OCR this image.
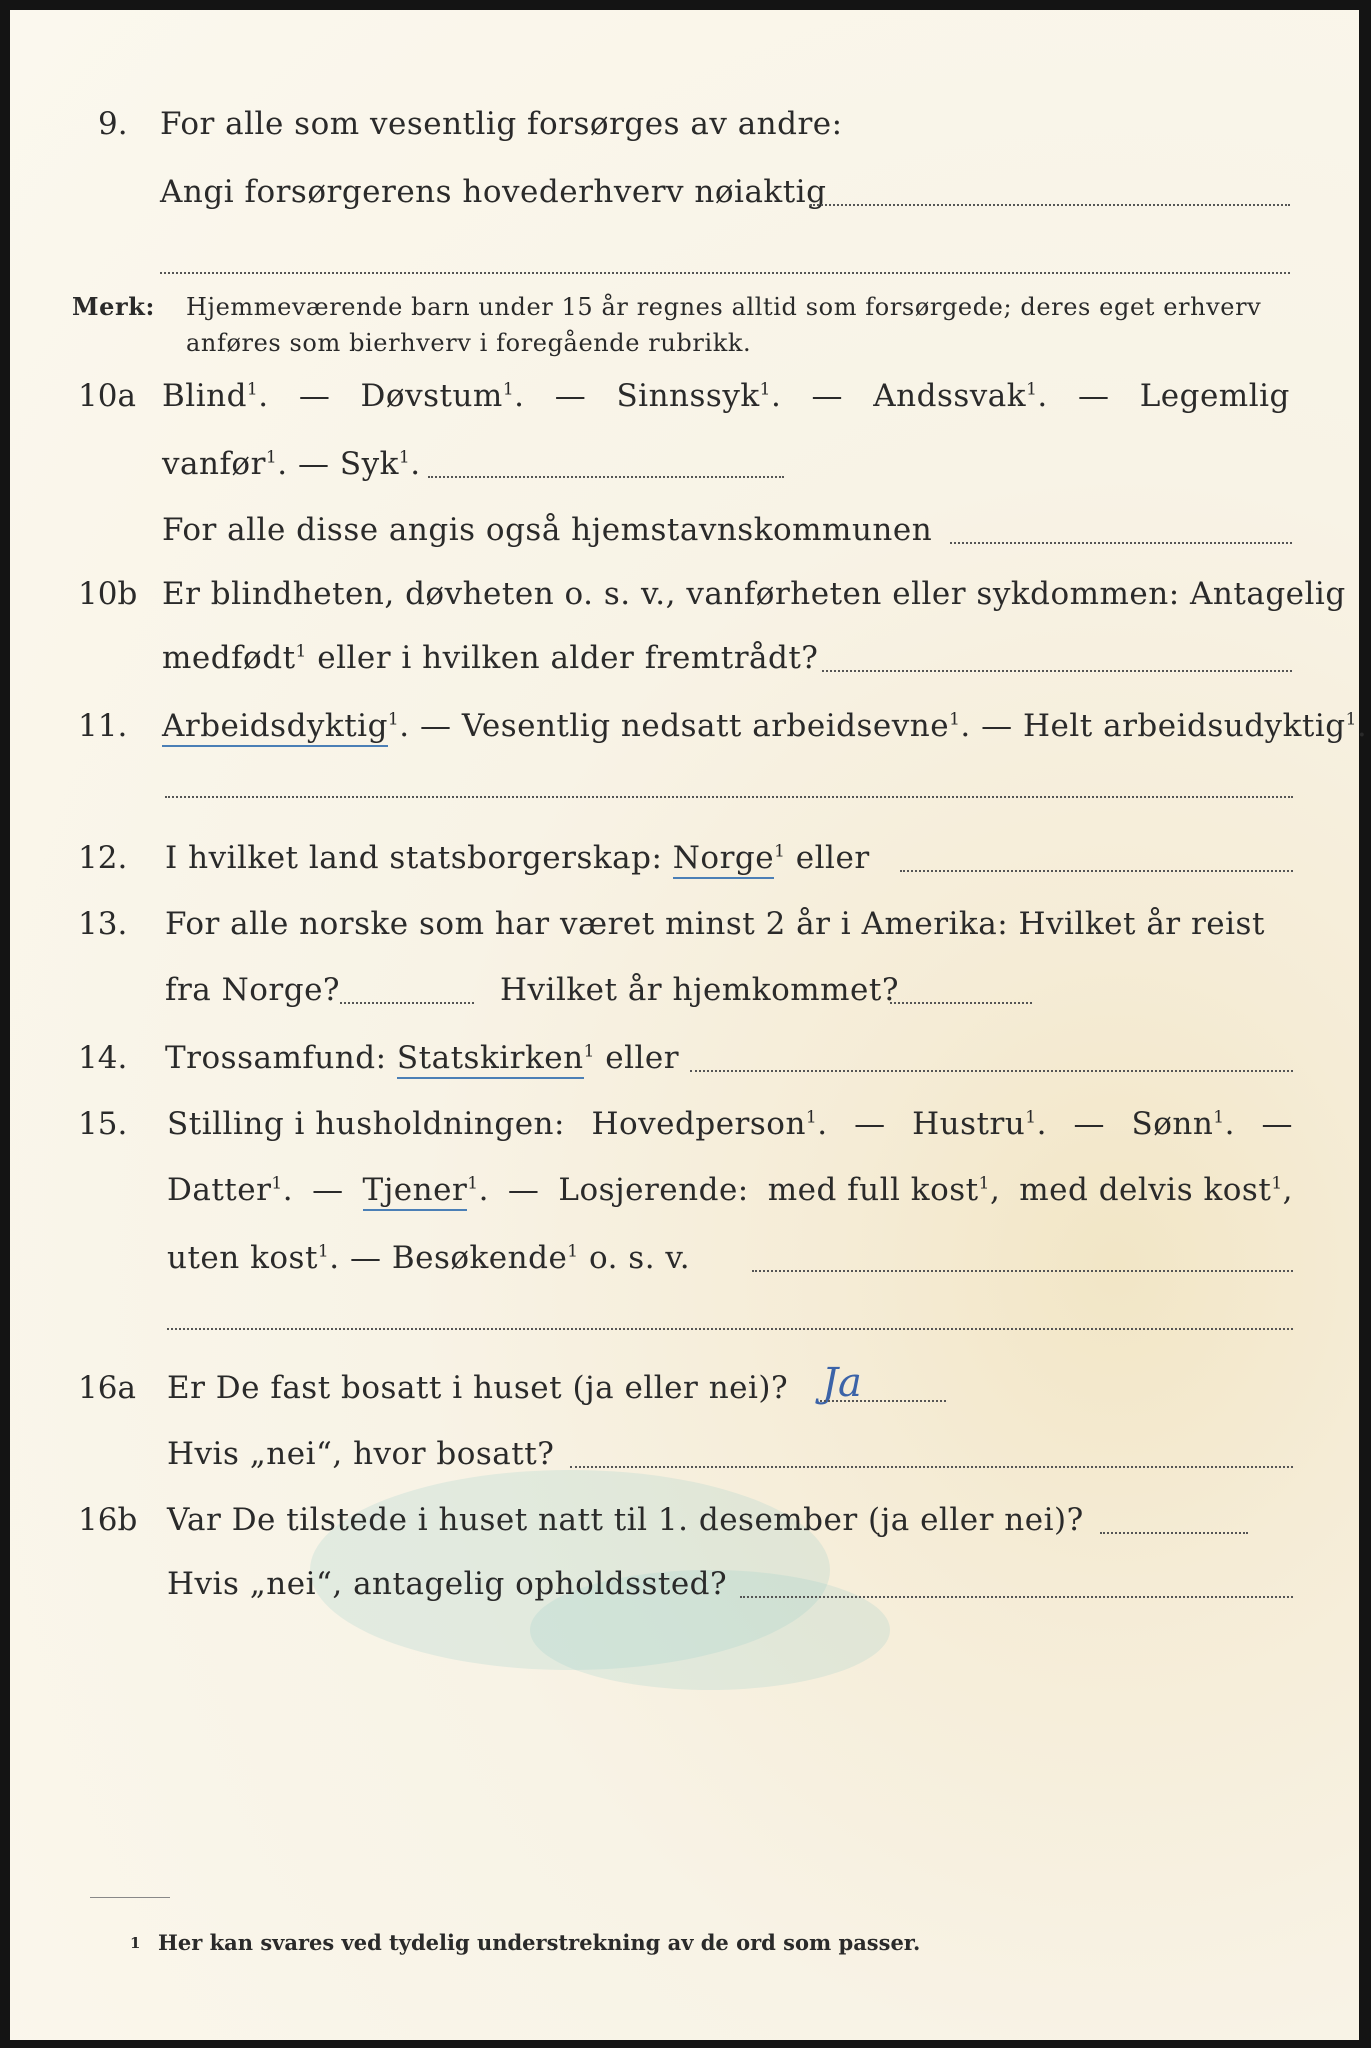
9. For alle som vesentlig forsørges av andre:
Angi forsørgerens hovederhverv nøiaktig
Merk: Hjemmeværende barn under 15 år regnes alltid som forsørgede; deres eget erhverv
anføres som bierhverv i foregående rubrikk.
10a Blind$^1$. — Døvstum$^1$. — Sinnssyk$^1$. — Andssvak$^1$. — Legemlig
vanfør$^1$. — Syk$^1$.
For alle disse angis også hjemstavnskommunen
10b Er blindheten, døvheten o. s. v., vanførheten eller sykdommen: Antagelig
medfødt$^1$ eller i hvilken alder fremtrådt?
11. Arbeidsdyktig$^1$. — Vesentlig nedsatt arbeidsevne$^1$. — Helt arbeidsudyktig$^1$.
12. I hvilket land statsborgerskap: Norge$^1$ eller
13. For alle norske som har været minst 2 år i Amerika: Hvilket år reist
fra Norge?	Hvilket år hjemkommet?
14. Trossamfund: Statskirken$^1$ eller
15. Stilling i husholdningen: Hovedperson$^1$. — Hustru$^1$. — Sønn$^1$. —
Datter$^1$. — Tjener$^1$. — Losjerende: med full kost$^1$, med delvis kost$^1$,
uten kost$^1$. — Besøkende$^1$ o. s. v.
16a Er De fast bosatt i huset (ja eller nei)? Ja
Hvis „nei“, hvor bosatt?
16b Var De tilstede i huset natt til 1. desember (ja eller nei)?
Hvis „nei“, antagelig opholdssted?
1 Her kan svares ved tydelig understrekning av de ord som passer.
